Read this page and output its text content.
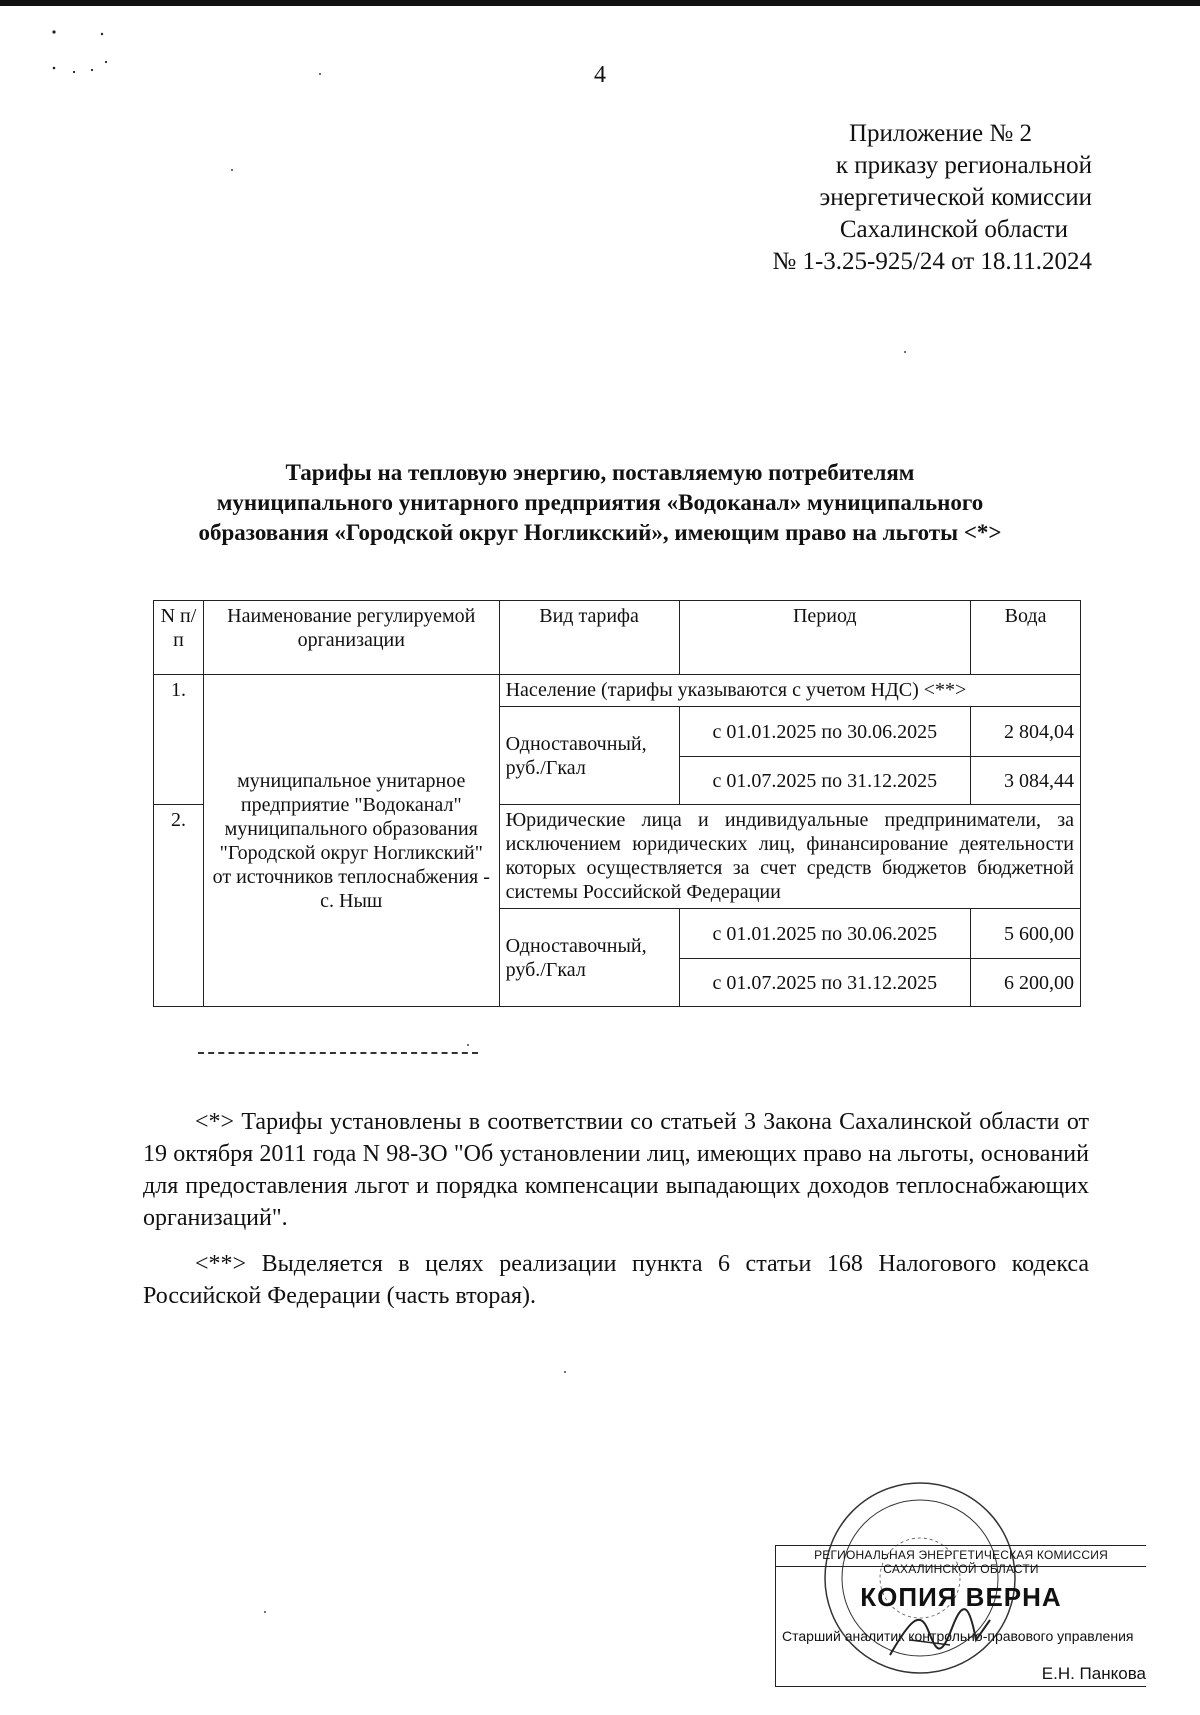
4
Приложение № 2
к приказу региональной
энергетической комиссии
Сахалинской области
№ 1-3.25-925/24 от 18.11.2024
Тарифы на тепловую энергию, поставляемую потребителям
муниципального унитарного предприятия «Водоканал» муниципального
образования «Городской округ Ногликский», имеющим право на льготы <*>
N п/п	Наименование регулируемой организации	Вид тарифа	Период	Вода
1.	муниципальное унитарное предприятие "Водоканал" муниципального образования "Городской округ Ногликский" от источников теплоснабжения - с. Ныш	Население (тарифы указываются с учетом НДС) <**>		
		Одноставочный, руб./Гкал	с 01.01.2025 по 30.06.2025	2 804,04
			с 01.07.2025 по 31.12.2025	3 084,44
2.		Юридические лица и индивидуальные предприниматели, за исключением юридических лиц, финансирование деятельности которых осуществляется за счет средств бюджетов бюджетной системы Российской Федерации		
		Одноставочный, руб./Гкал	с 01.01.2025 по 30.06.2025	5 600,00
			с 01.07.2025 по 31.12.2025	6 200,00
<*> Тарифы установлены в соответствии со статьей 3 Закона Сахалинской области от 19 октября 2011 года N 98-ЗО "Об установлении лиц, имеющих право на льготы, оснований для предоставления льгот и порядка компенсации выпадающих доходов теплоснабжающих организаций".
<**> Выделяется в целях реализации пункта 6 статьи 168 Налогового кодекса Российской Федерации (часть вторая).
РЕГИОНАЛЬНАЯ ЭНЕРГЕТИЧЕСКАЯ КОМИССИЯ САХАЛИНСКОЙ ОБЛАСТИ
КОПИЯ ВЕРНА
Старший аналитик контрольно-правового управления
Е.Н. Панкова
